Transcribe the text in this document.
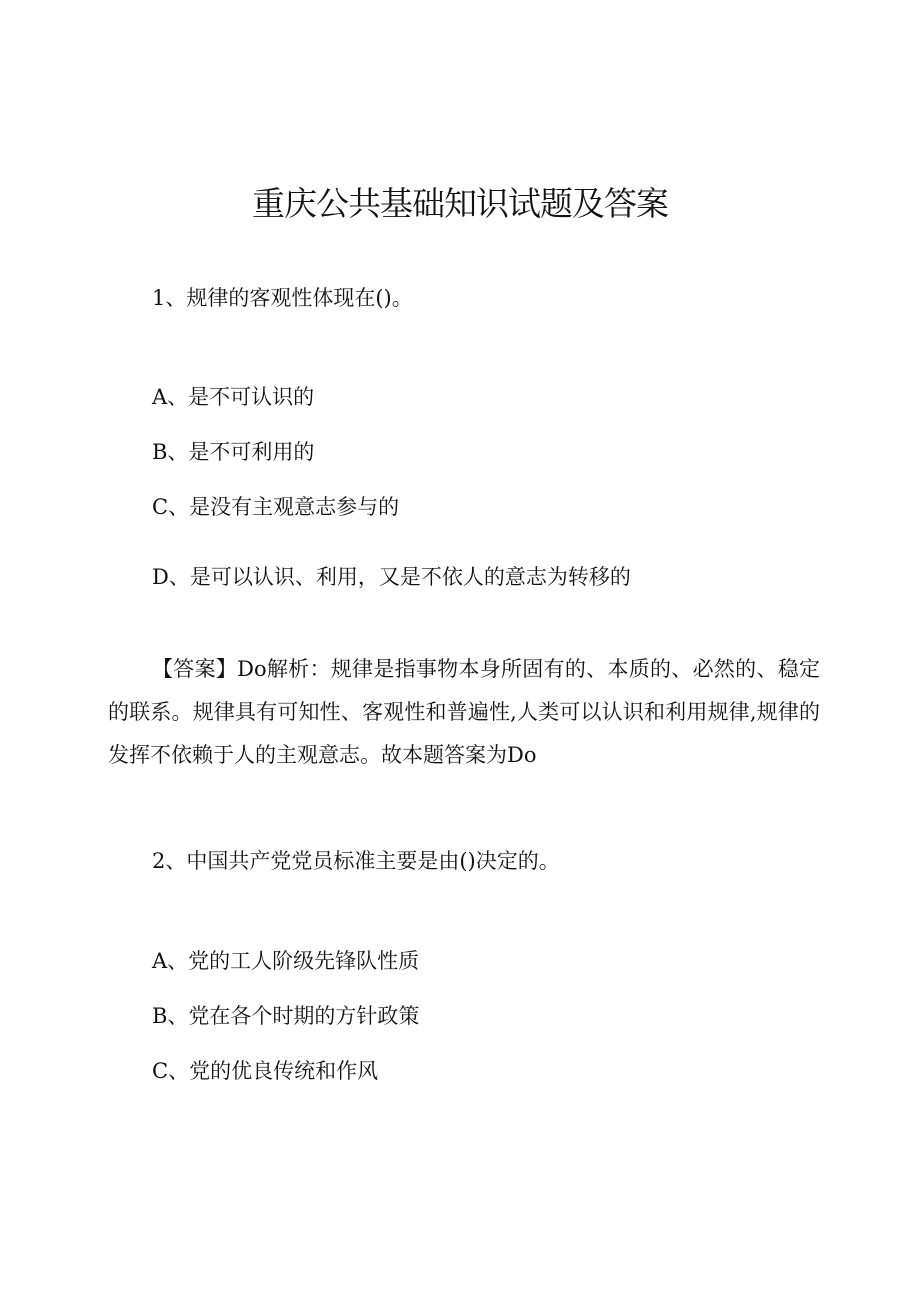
重庆公共基础知识试题及答案

1、规律的客观性体现在()。

A、是不可认识的

B、是不可利用的

C、是没有主观意志参与的

D、是可以认识、利用，又是不依人的意志为转移的

【答案】Do解析：规律是指事物本身所固有的、本质的、必然的、稳定的联系。规律具有可知性、客观性和普遍性,人类可以认识和利用规律,规律的发挥不依赖于人的主观意志。故本题答案为Do

2、中国共产党党员标准主要是由()决定的。

A、党的工人阶级先锋队性质

B、党在各个时期的方针政策

C、党的优良传统和作风
